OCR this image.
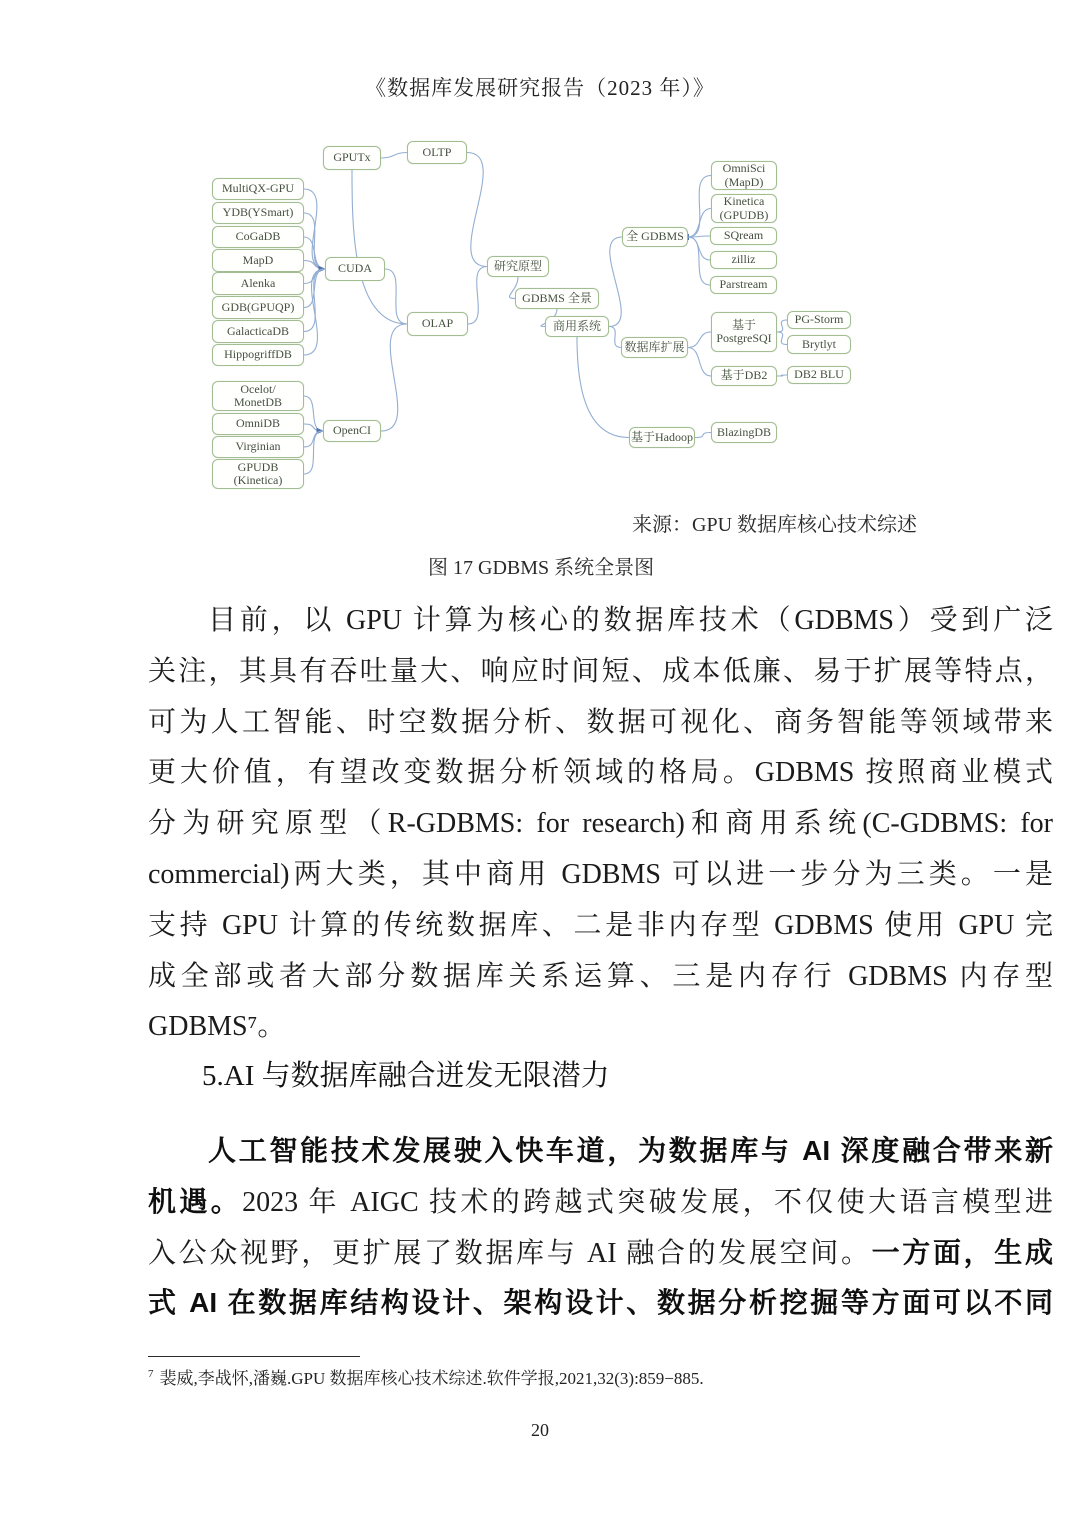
《数据库发展研究报告（2023 年）》
GPUTx	OLTP
MultiQX-GPU
YDB(YSmart)
CoGaDB
MapD
Alenka
GDB(GPUQP)
GalacticaDB
HippogriffDB
CUDA
OLAP
Ocelot/
MonetDB
OmniDB
Virginian
GPUDB
(Kinetica)
OpenCI
研究原型
GDBMS 全景
商用系统
全 GDBMS
OmniSci
(MapD)
Kinetica
(GPUDB)
SQream
zilliz
Parstream
数据库扩展
基于
PostgreSQI
PG-Storm
Brytlyt
基于DB2 DB2 BLU
基于Hadoop BlazingDB
来源：GPU 数据库核心技术综述
图 17 GDBMS 系统全景图
目前，以 GPU 计算为核心的数据库技术（GDBMS）受到广泛
关注，其具有吞吐量大、响应时间短、成本低廉、易于扩展等特点，
可为人工智能、时空数据分析、数据可视化、商务智能等领域带来
更大价值，有望改变数据分析领域的格局。GDBMS 按照商业模式
分为研究原型（R-GDBMS: for research)和商用系统(C-GDBMS: for
commercial)两大类，其中商用 GDBMS 可以进一步分为三类。一是
支持 GPU 计算的传统数据库、二是非内存型 GDBMS 使用 GPU 完
成全部或者大部分数据库关系运算、三是内存行 GDBMS 内存型
GDBMS⁷。
5.AI 与数据库融合迸发无限潜力
人工智能技术发展驶入快车道，为数据库与 AI 深度融合带来新
机遇。2023 年 AIGC 技术的跨越式突破发展，不仅使大语言模型进
入公众视野，更扩展了数据库与 AI 融合的发展空间。一方面，生成
式 AI 在数据库结构设计、架构设计、数据分析挖掘等方面可以不同
$^7$ 裴威,李战怀,潘巍.GPU 数据库核心技术综述.软件学报,2021,32(3):859−885.
20
